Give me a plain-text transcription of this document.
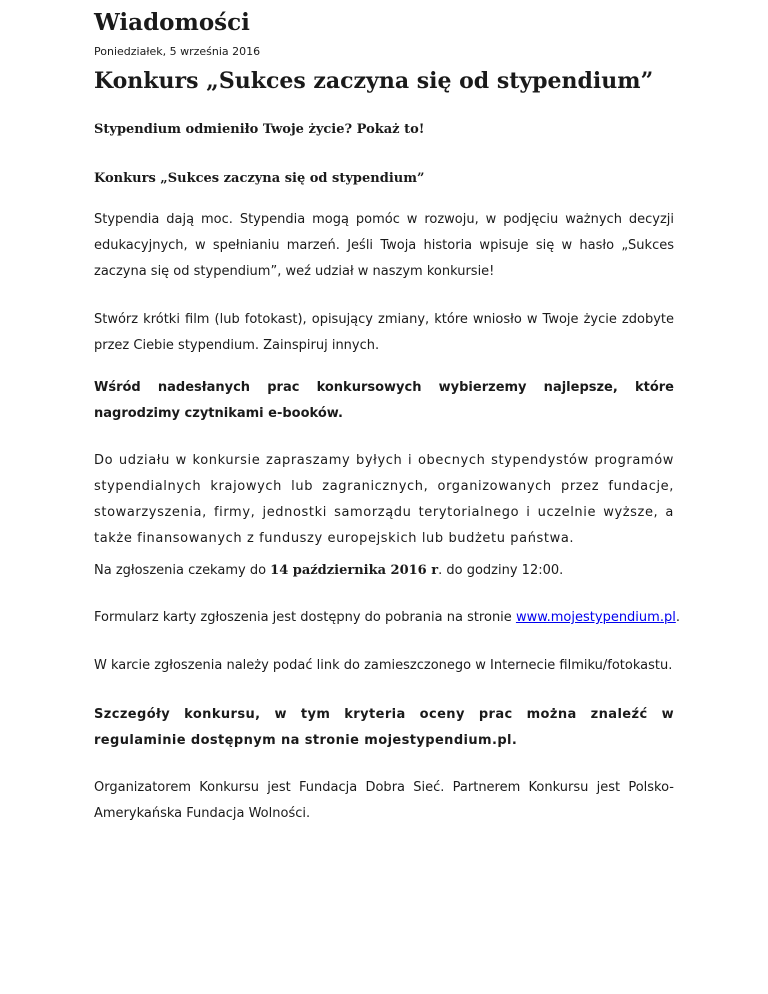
Wiadomości
Poniedziałek, 5 września 2016
Konkurs „Sukces zaczyna się od stypendium”

Stypendium odmieniło Twoje życie? Pokaż to!

Konkurs „Sukces zaczyna się od stypendium”

Stypendia dają moc. Stypendia mogą pomóc w rozwoju, w podjęciu ważnych decyzji edukacyjnych, w spełnianiu marzeń. Jeśli Twoja historia wpisuje się w hasło „Sukces zaczyna się od stypendium”, weź udział w naszym konkursie!

Stwórz krótki film (lub fotokast), opisujący zmiany, które wniosło w Twoje życie zdobyte przez Ciebie stypendium. Zainspiruj innych.

Wśród nadesłanych prac konkursowych wybierzemy najlepsze, które nagrodzimy czytnikami e-booków.

Do udziału w konkursie zapraszamy byłych i obecnych stypendystów programów stypendialnych krajowych lub zagranicznych, organizowanych przez fundacje, stowarzyszenia, firmy, jednostki samorządu terytorialnego i uczelnie wyższe, a także finansowanych z funduszy europejskich lub budżetu państwa.

Na zgłoszenia czekamy do 14 października 2016 r. do godziny 12:00.

Formularz karty zgłoszenia jest dostępny do pobrania na stronie www.mojestypendium.pl.

W karcie zgłoszenia należy podać link do zamieszczonego w Internecie filmiku/fotokastu.

Szczegóły konkursu, w tym kryteria oceny prac można znaleźć w regulaminie dostępnym na stronie mojestypendium.pl.

Organizatorem Konkursu jest Fundacja Dobra Sieć. Partnerem Konkursu jest Polsko-Amerykańska Fundacja Wolności.
